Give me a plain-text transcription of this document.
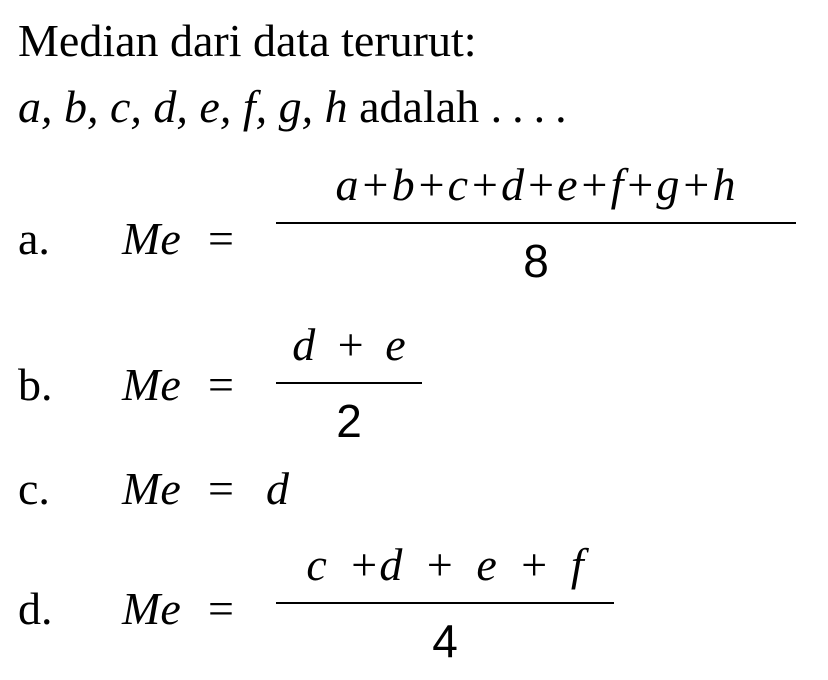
Median dari data terurut:
a, b, c, d, e, f, g, h adalah ....
a. Me =
a+b+c+d+e+f+g+h
8
b. Me =
d + e
2
c. Me = d
d. Me =
c +d + e + f
4
